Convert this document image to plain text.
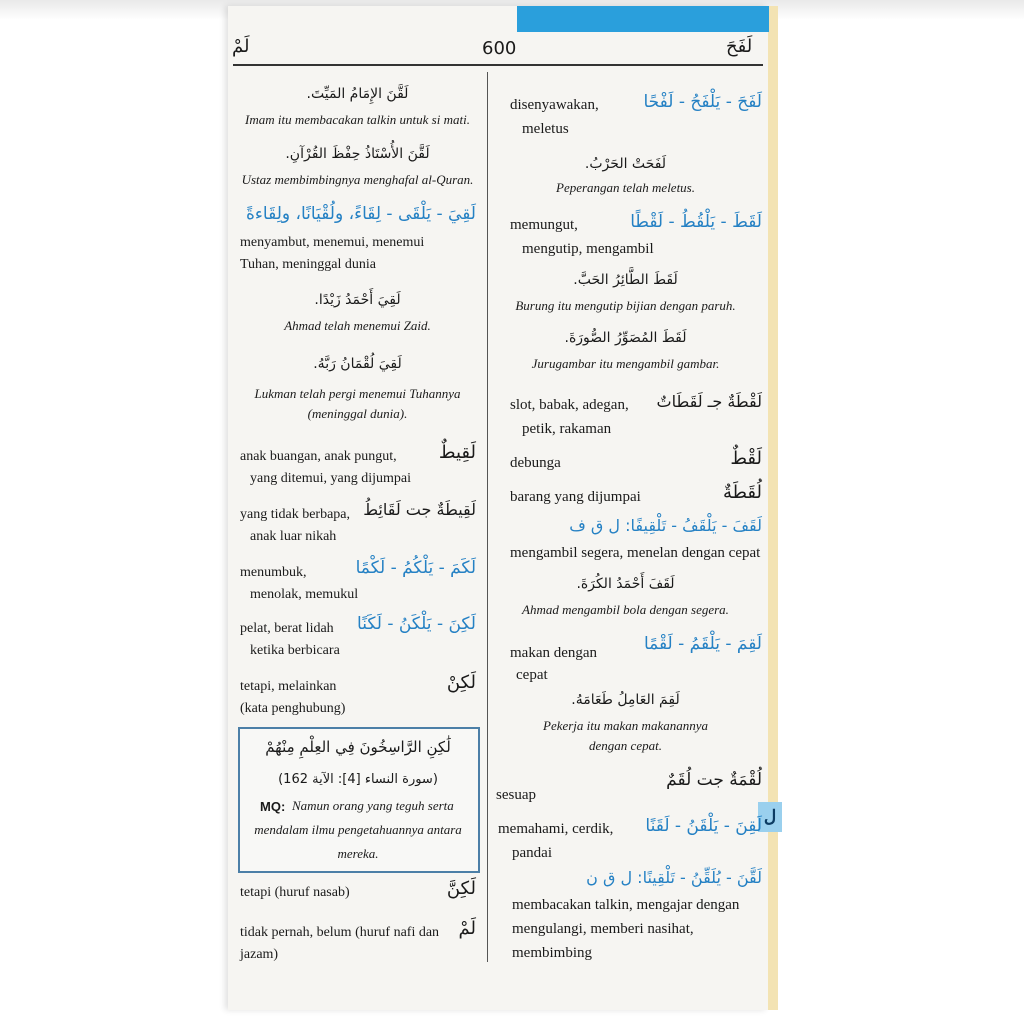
ل
لَمْ	600	لَفَحَ
لَقَّنَ الإِمَامُ المَيِّتَ.
Imam itu membacakan talkin untuk si mati.
لَقَّنَ الأُسْتَاذُ حِفْظَ القُرْآنِ.
Ustaz membimbingnya menghafal al-Quran.
لَقِيَ - يَلْقَى - لِقَاءً، ولُقْيَانًا، ولِقَاءةً
menyambut, menemui, menemui
Tuhan, meninggal dunia
لَقِيَ أَحْمَدُ زَيْدًا.
Ahmad telah menemui Zaid.
لَقِيَ لُقْمَانُ رَبَّهُ.
Lukman telah pergi menemui Tuhannya
(meninggal dunia).
لَقِيطٌ
anak buangan, anak pungut,
yang ditemui, yang dijumpai
لَقِيطَةٌ جت لَقَائِطُ
yang tidak berbapa,
anak luar nikah
لَكَمَ - يَلْكُمُ - لَكْمًا
menumbuk,
menolak, memukul
لَكِنَ - يَلْكَنُ - لَكَنًا
pelat, berat lidah
ketika berbicara
لَكِنْ
tetapi, melainkan
(kata penghubung)
لَٰكِنِ الرَّاسِخُونَ فِي العِلْمِ مِنْهُمْ
(سورة النساء [4]: الآية 162)
MQ: Namun orang yang teguh serta
mendalam ilmu pengetahuannya antara
mereka.
لَكِنَّ
tetapi (huruf nasab)
لَمْ
tidak pernah, belum (huruf nafi dan
jazam)
لَفَحَ - يَلْفَحُ - لَفْحًا
disenyawakan,
meletus
لَفَحَتْ الحَرْبُ.
Peperangan telah meletus.
لَقَطَ - يَلْقُطُ - لَقْطًا
memungut,
mengutip, mengambil
لَقَطَ الطَّائِرُ الحَبَّ.
Burung itu mengutip bijian dengan paruh.
لَقَطَ المُصَوِّرُ الصُّورَةَ.
Jurugambar itu mengambil gambar.
لَقْطَةٌ جـ لَقَطَاتٌ
slot, babak, adegan,
petik, rakaman
لَقْطٌ
debunga
لُقَطَةٌ
barang yang dijumpai
لَقَفَ - يَلْقَفُ - تَلْقِيفًا: ل ق ف
mengambil segera, menelan dengan cepat
لَقَفَ أَحْمَدُ الكُرَةَ.
Ahmad mengambil bola dengan segera.
لَقِمَ - يَلْقَمُ - لَقْمًا
makan dengan
cepat
لَقِمَ العَامِلُ طَعَامَهُ.
Pekerja itu makan makanannya
dengan cepat.
لُقْمَةٌ جت لُقَمٌ
sesuap
لَقِنَ - يَلْقَنُ - لَقَنًا
memahami, cerdik,
pandai
لَقَّنَ - يُلَقِّنُ - تَلْقِينًا: ل ق ن
membacakan talkin, mengajar dengan
mengulangi, memberi nasihat,
membimbing
